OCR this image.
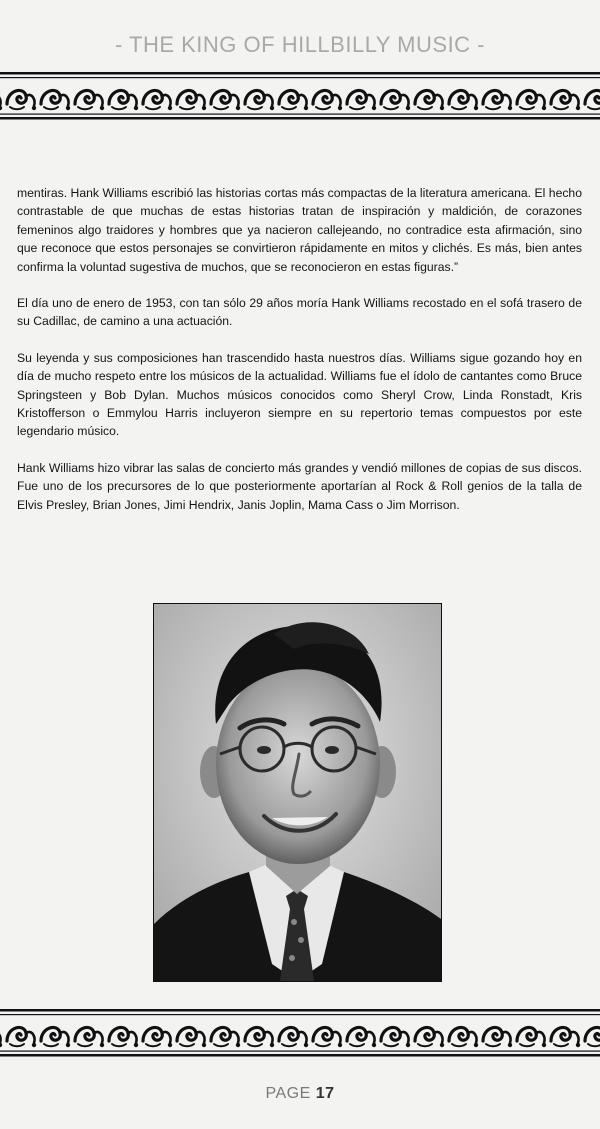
- THE KING OF HILLBILLY MUSIC -

mentiras. Hank Williams escribió las historias cortas más compactas de la literatura americana. El hecho contrastable de que muchas de estas historias tratan de inspiración y maldición, de corazones femeninos algo traidores y hombres que ya nacieron callejeando, no contradice esta afirmación, sino que reconoce que estos personajes se convirtieron rápidamente en mitos y clichés. Es más, bien antes confirma la voluntad sugestiva de muchos, que se reconocieron en estas figuras.”

El día uno de enero de 1953, con tan sólo 29 años moría Hank Williams recostado en el sofá trasero de su Cadillac, de camino a una actuación.

Su leyenda y sus composiciones han trascendido hasta nuestros días. Williams sigue gozando hoy en día de mucho respeto entre los músicos de la actualidad. Williams fue el ídolo de cantantes como Bruce Springsteen y Bob Dylan. Muchos músicos conocidos como Sheryl Crow, Linda Ronstadt, Kris Kristofferson o Emmylou Harris incluyeron siempre en su repertorio temas compuestos por este legendario músico.

Hank Williams hizo vibrar las salas de concierto más grandes y vendió millones de copias de sus discos. Fue uno de los precursores de lo que posteriormente aportarían al Rock & Roll genios de la talla de Elvis Presley, Brian Jones, Jimi Hendrix, Janis Joplin, Mama Cass o Jim Morrison.

PAGE 17
